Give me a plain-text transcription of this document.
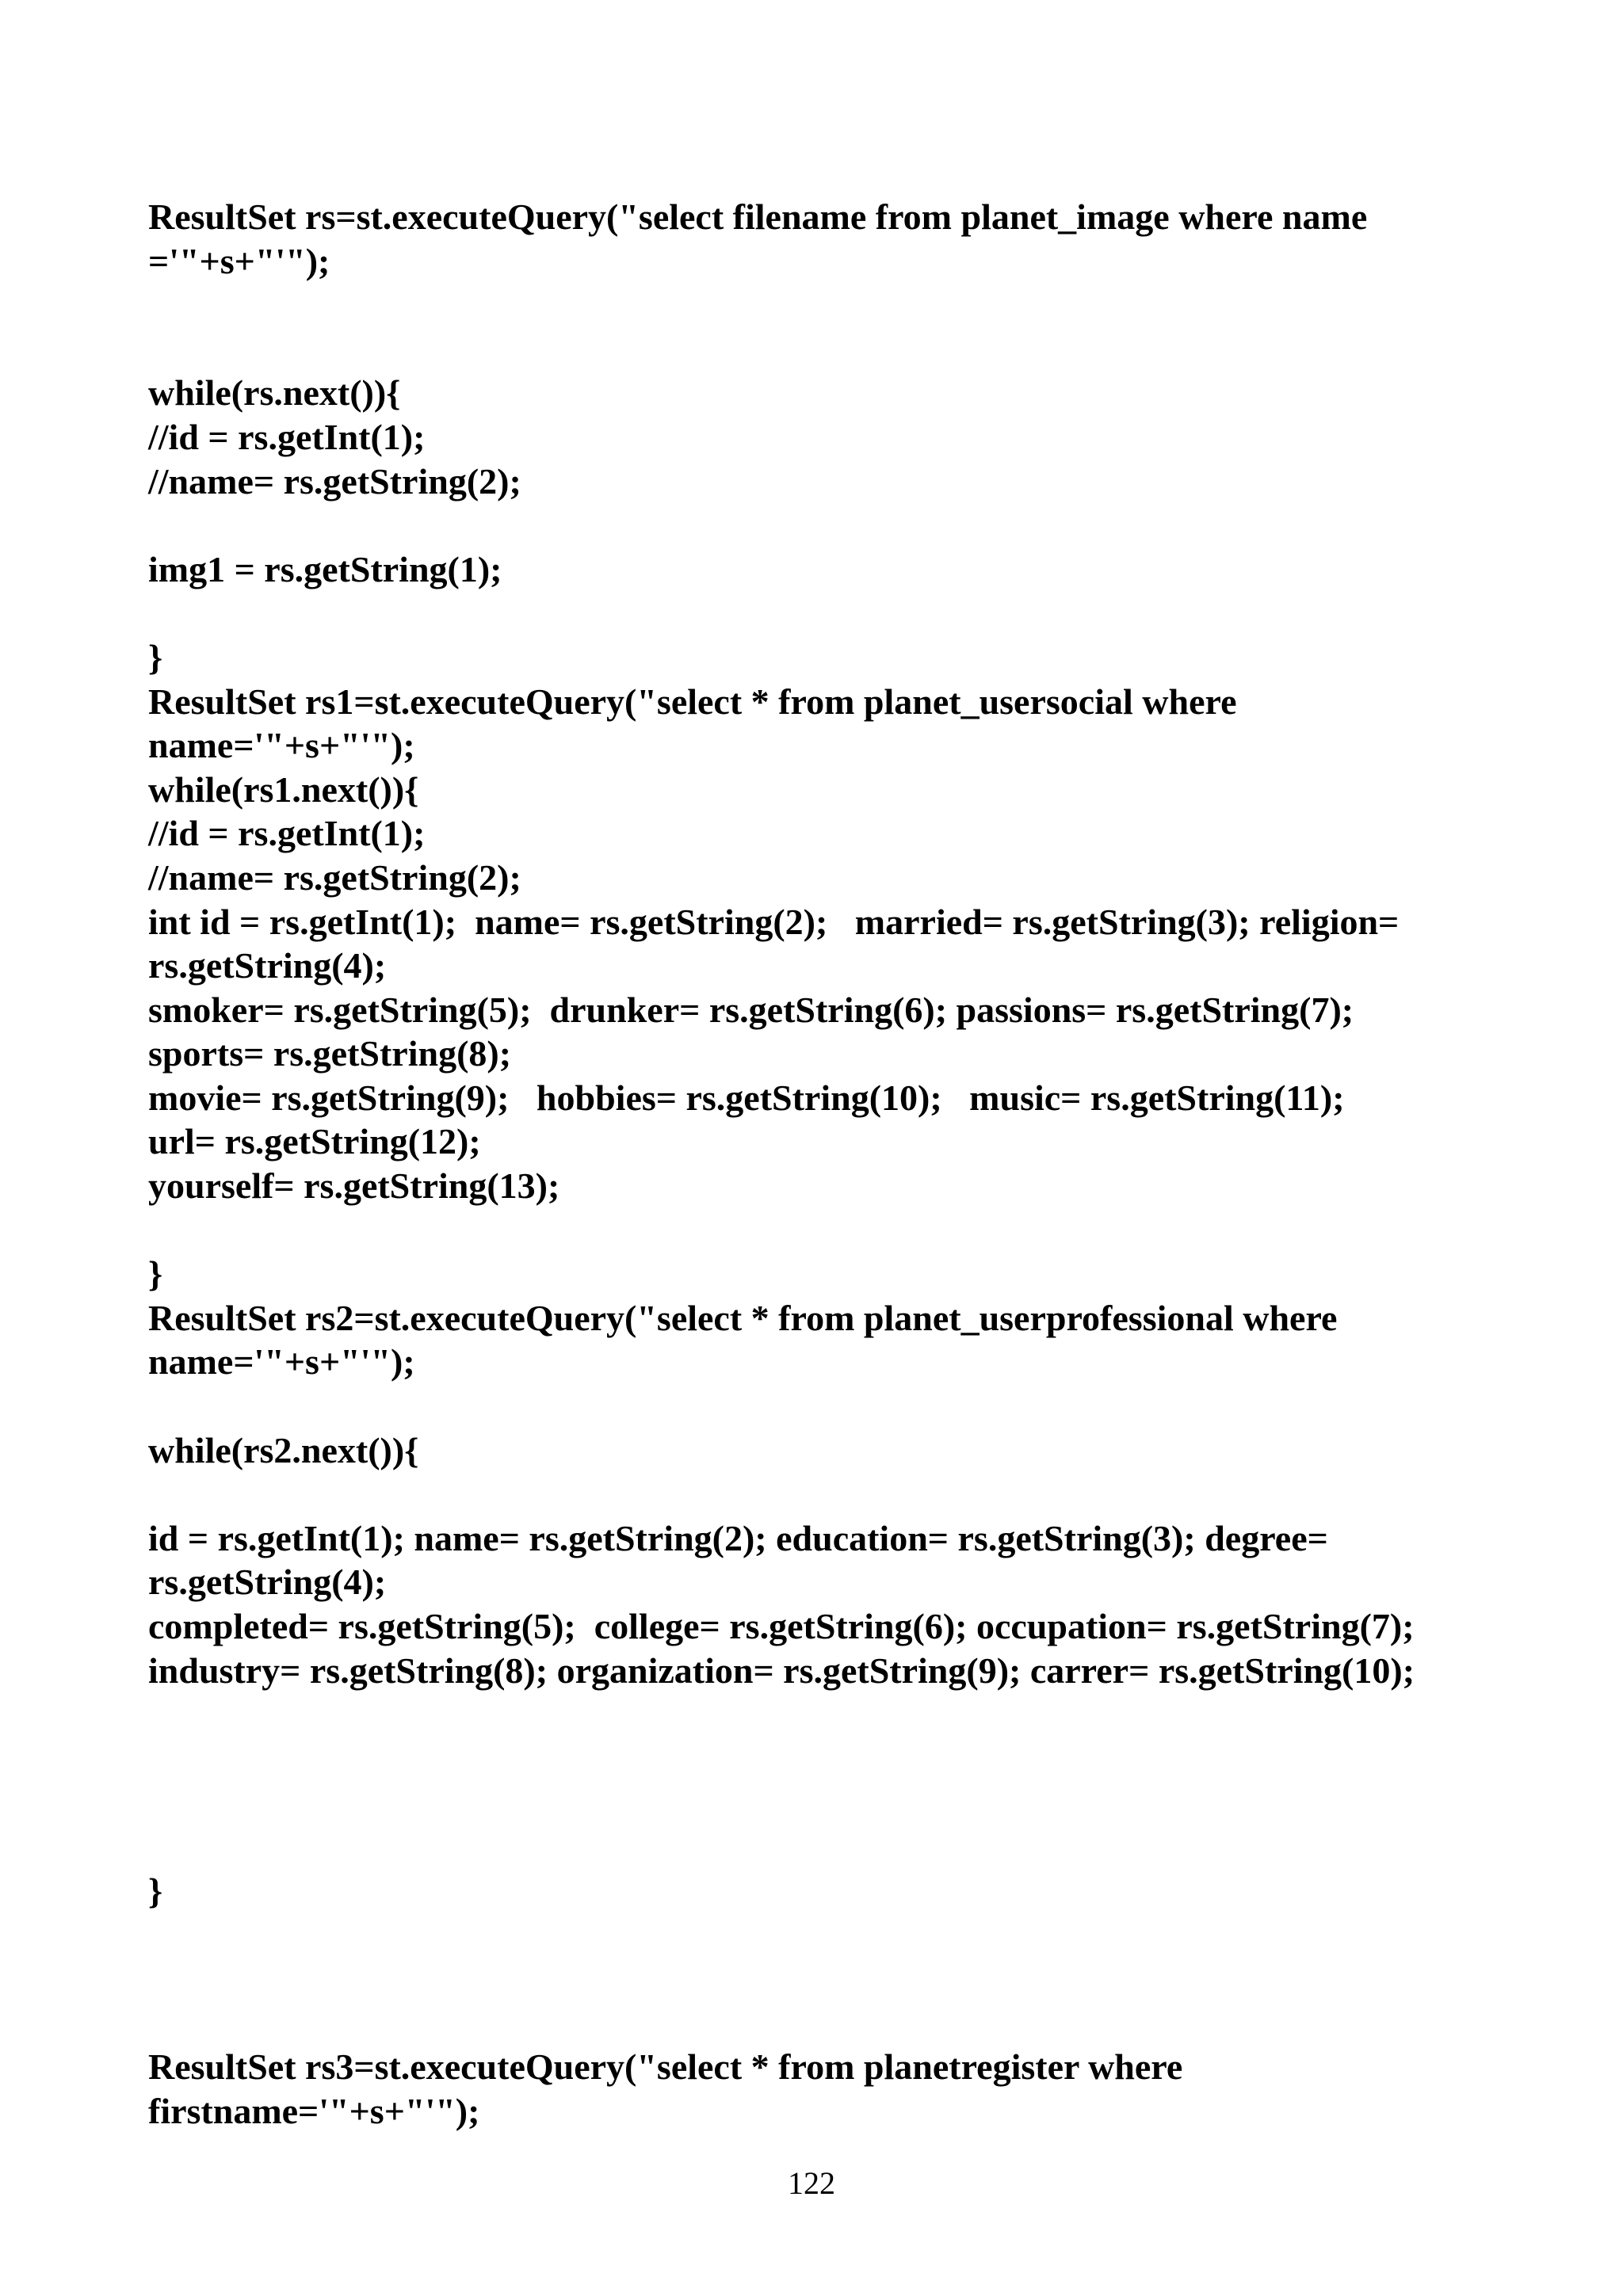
ResultSet rs=st.executeQuery("select filename from planet_image where name
='"+s+"'");
while(rs.next()){
//id = rs.getInt(1);
//name= rs.getString(2);
img1 = rs.getString(1);
}
ResultSet rs1=st.executeQuery("select * from planet_usersocial where
name='"+s+"'");
while(rs1.next()){
//id = rs.getInt(1);
//name= rs.getString(2);
int id = rs.getInt(1);  name= rs.getString(2);   married= rs.getString(3); religion=
rs.getString(4);
smoker= rs.getString(5);  drunker= rs.getString(6); passions= rs.getString(7);
sports= rs.getString(8);
movie= rs.getString(9);   hobbies= rs.getString(10);   music= rs.getString(11);
url= rs.getString(12);
yourself= rs.getString(13);
}
ResultSet rs2=st.executeQuery("select * from planet_userprofessional where
name='"+s+"'");
while(rs2.next()){
id = rs.getInt(1); name= rs.getString(2); education= rs.getString(3); degree=
rs.getString(4);
completed= rs.getString(5);  college= rs.getString(6); occupation= rs.getString(7);
industry= rs.getString(8); organization= rs.getString(9); carrer= rs.getString(10);
}
ResultSet rs3=st.executeQuery("select * from planetregister where
firstname='"+s+"'");
122
